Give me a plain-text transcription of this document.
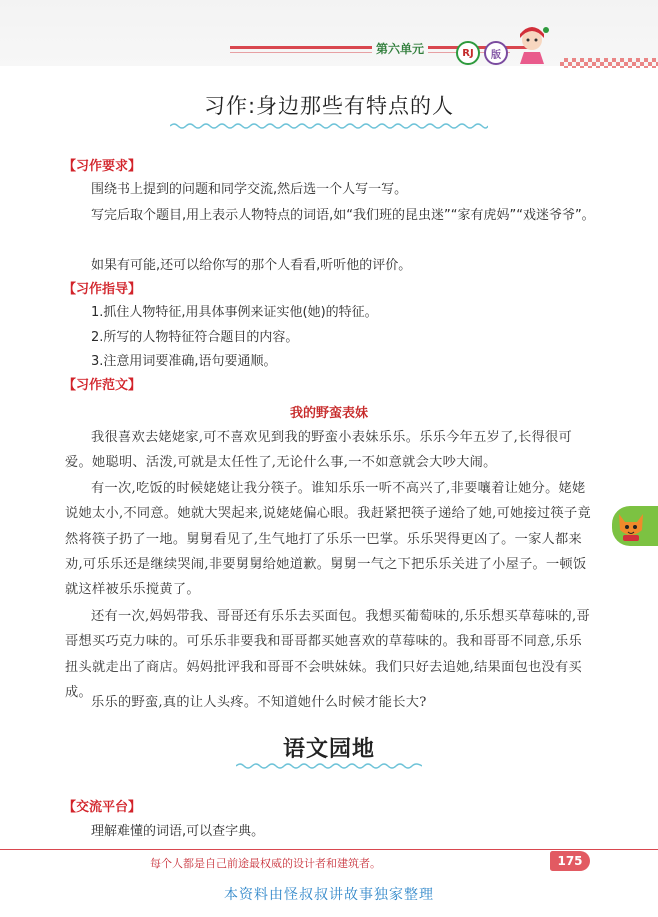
第六单元	RJ	版
习作:身边那些有特点的人
【习作要求】
围绕书上提到的问题和同学交流,然后选一个人写一写。
写完后取个题目,用上表示人物特点的词语,如“我们班的昆虫迷”“家有虎妈”“戏迷爷爷”。
如果有可能,还可以给你写的那个人看看,听听他的评价。
【习作指导】
1.抓住人物特征,用具体事例来证实他(她)的特征。
2.所写的人物特征符合题目的内容。
3.注意用词要准确,语句要通顺。
【习作范文】
我的野蛮表妹
我很喜欢去姥姥家,可不喜欢见到我的野蛮小表妹乐乐。乐乐今年五岁了,长得很可爱。她聪明、活泼,可就是太任性了,无论什么事,一不如意就会大吵大闹。
有一次,吃饭的时候姥姥让我分筷子。谁知乐乐一听不高兴了,非要嚷着让她分。姥姥说她太小,不同意。她就大哭起来,说姥姥偏心眼。我赶紧把筷子递给了她,可她接过筷子竟然将筷子扔了一地。舅舅看见了,生气地打了乐乐一巴掌。乐乐哭得更凶了。一家人都来劝,可乐乐还是继续哭闹,非要舅舅给她道歉。舅舅一气之下把乐乐关进了小屋子。一顿饭就这样被乐乐搅黄了。
还有一次,妈妈带我、哥哥还有乐乐去买面包。我想买葡萄味的,乐乐想买草莓味的,哥哥想买巧克力味的。可乐乐非要我和哥哥都买她喜欢的草莓味的。我和哥哥不同意,乐乐扭头就走出了商店。妈妈批评我和哥哥不会哄妹妹。我们只好去追她,结果面包也没有买成。
乐乐的野蛮,真的让人头疼。不知道她什么时候才能长大?
语文园地
【交流平台】
理解难懂的词语,可以查字典。
每个人都是自己前途最权威的设计者和建筑者。	175
本资料由怪叔叔讲故事独家整理
